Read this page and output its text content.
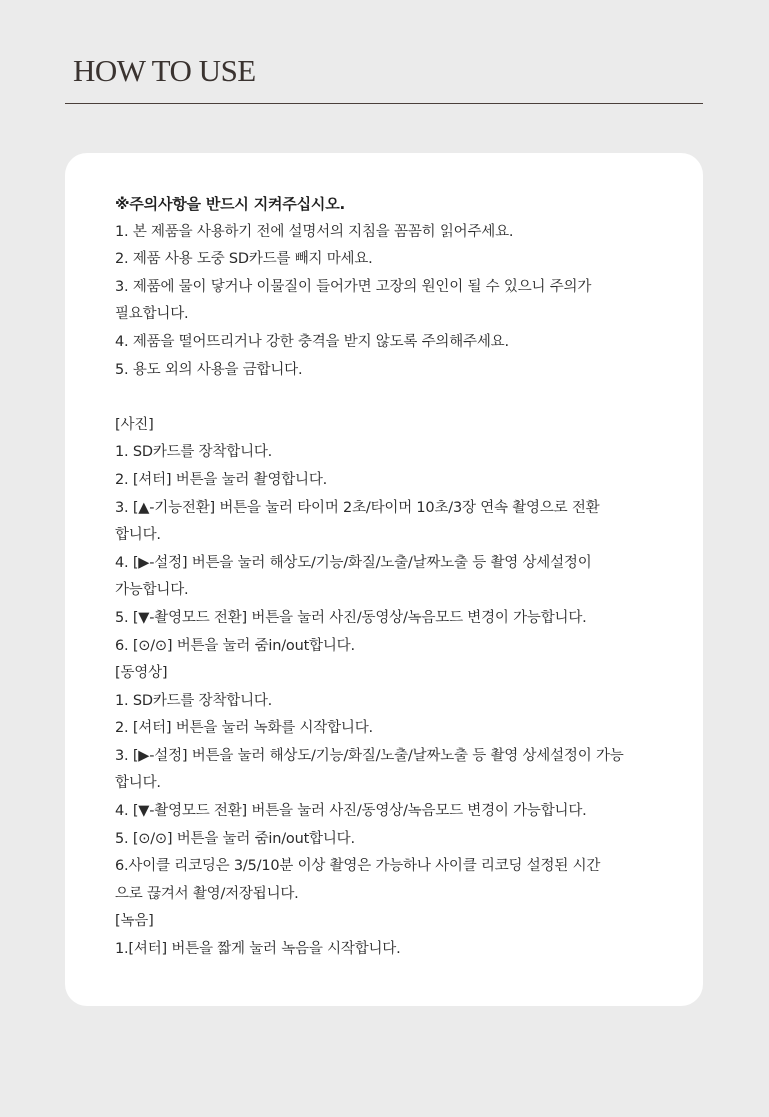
HOW TO USE
※주의사항을 반드시 지켜주십시오.
1. 본 제품을 사용하기 전에 설명서의 지침을 꼼꼼히 읽어주세요.
2. 제품 사용 도중 SD카드를 빼지 마세요.
3. 제품에 물이 닿거나 이물질이 들어가면 고장의 원인이 될 수 있으니 주의가
필요합니다.
4. 제품을 떨어뜨리거나 강한 충격을 받지 않도록 주의해주세요.
5. 용도 외의 사용을 금합니다.
[사진]
1. SD카드를 장착합니다.
2. [셔터] 버튼을 눌러 촬영합니다.
3. [▲-기능전환] 버튼을 눌러 타이머 2초/타이머 10초/3장 연속 촬영으로 전환
합니다.
4. [▶-설정] 버튼을 눌러 해상도/기능/화질/노출/날짜노출 등 촬영 상세설정이
가능합니다.
5. [▼-촬영모드 전환] 버튼을 눌러 사진/동영상/녹음모드 변경이 가능합니다.
6. [⊙/⊙] 버튼을 눌러 줌in/out합니다.
[동영상]
1. SD카드를 장착합니다.
2. [셔터] 버튼을 눌러 녹화를 시작합니다.
3. [▶-설정] 버튼을 눌러 해상도/기능/화질/노출/날짜노출 등 촬영 상세설정이 가능
합니다.
4. [▼-촬영모드 전환] 버튼을 눌러 사진/동영상/녹음모드 변경이 가능합니다.
5. [⊙/⊙] 버튼을 눌러 줌in/out합니다.
6.사이클 리코딩은 3/5/10분 이상 촬영은 가능하나 사이클 리코딩 설정된 시간
으로 끊겨서 촬영/저장됩니다.
[녹음]
1.[셔터] 버튼을 짧게 눌러 녹음을 시작합니다.
